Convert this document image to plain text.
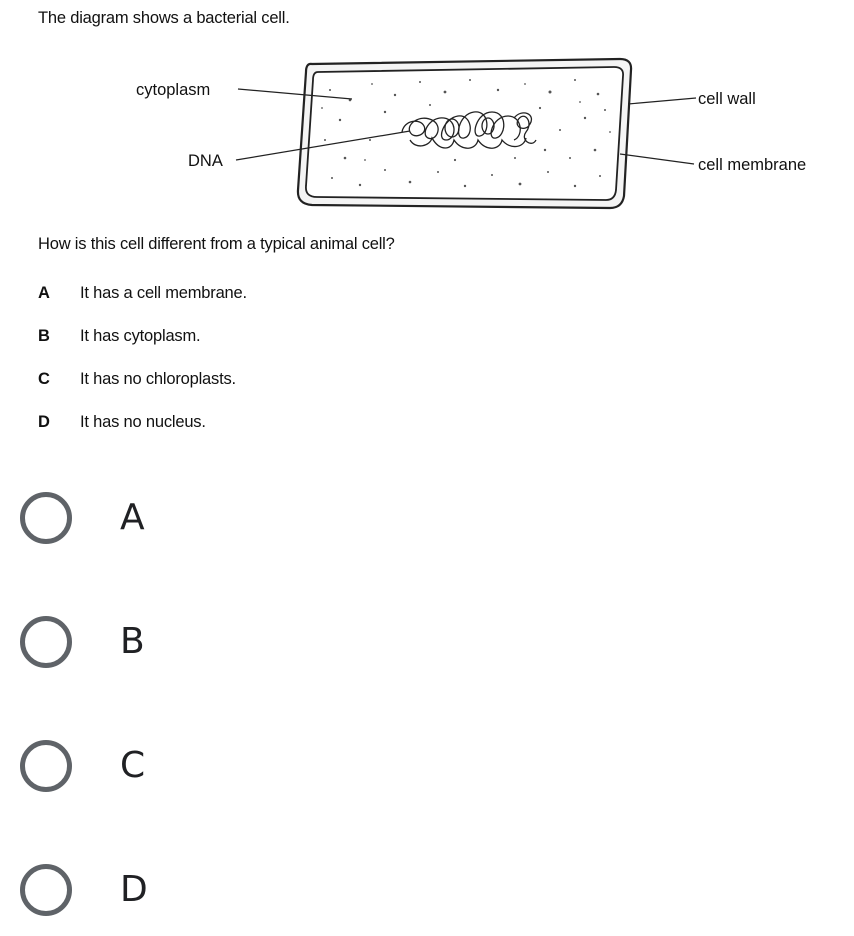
The diagram shows a bacterial cell.
cytoplasm
DNA
cell wall
cell membrane
How is this cell different from a typical animal cell?
A It has a cell membrane.
B It has cytoplasm.
C It has no chloroplasts.
D It has no nucleus.
A
B
C
D
